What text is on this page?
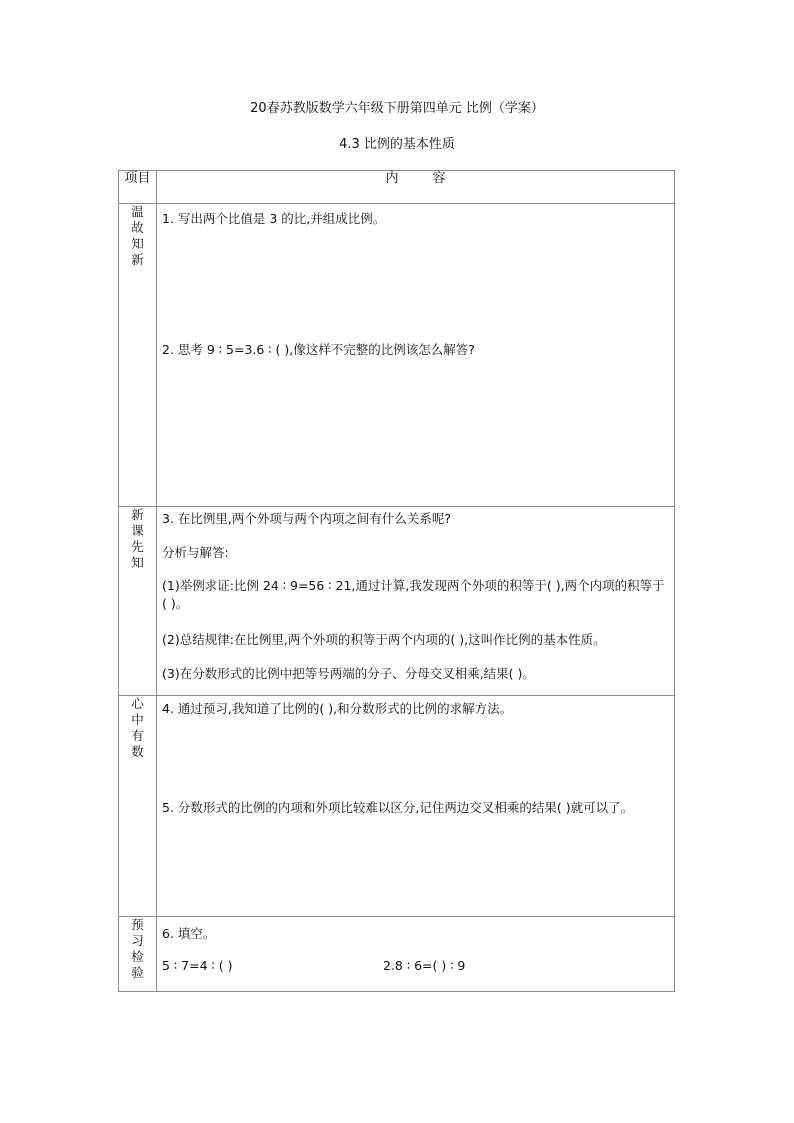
20春苏教版数学六年级下册第四单元 比例（学案）
4.3 比例的基本性质
项目	内 容
温故知新	1. 写出两个比值是 3 的比,并组成比例。
2. 思考 9 ∶ 5=3.6 ∶ ( ),像这样不完整的比例该怎么解答?

新课先知	3. 在比例里,两个外项与两个内项之间有什么关系呢?
分析与解答:
(1)举例求证:比例 24 ∶ 9=56 ∶ 21,通过计算,我发现两个外项的积等于( ),两个内项的积等于( )。
(2)总结规律:在比例里,两个外项的积等于两个内项的( ),这叫作比例的基本性质。
(3)在分数形式的比例中把等号两端的分子、分母交叉相乘,结果( )。

心中有数	4. 通过预习,我知道了比例的( ),和分数形式的比例的求解方法。
5. 分数形式的比例的内项和外项比较难以区分,记住两边交叉相乘的结果( )就可以了。

预习检验	6. 填空。
5 ∶ 7=4 ∶ ( ) 2.8 ∶ 6=( ) ∶ 9
